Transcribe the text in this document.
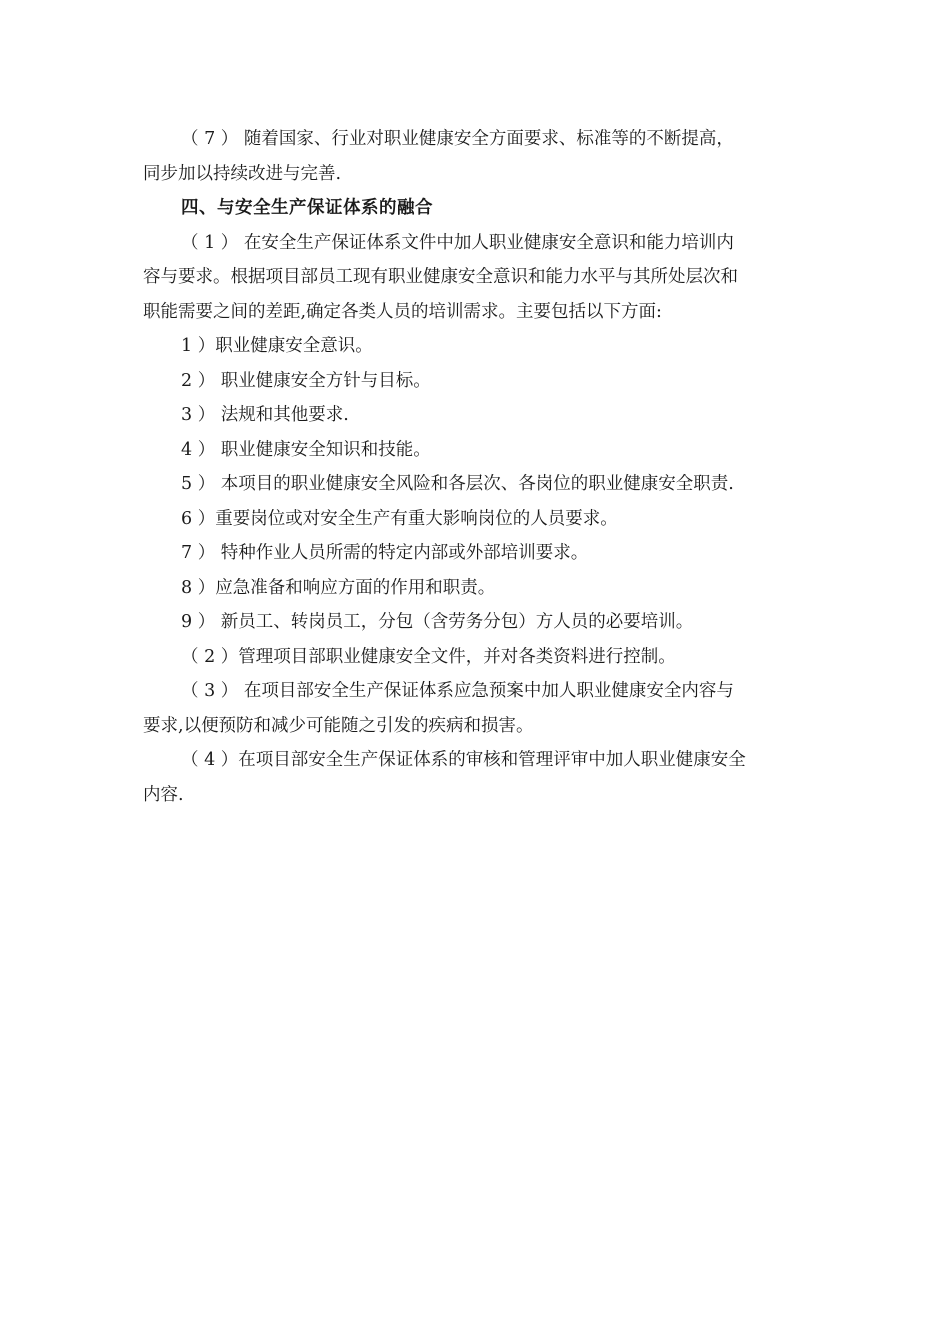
（ 7 ） 随着国家、行业对职业健康安全方面要求、标准等的不断提高，
同步加以持续改进与完善.

四、与安全生产保证体系的融合

（ 1 ） 在安全生产保证体系文件中加人职业健康安全意识和能力培训内
容与要求。根据项目部员工现有职业健康安全意识和能力水平与其所处层次和
职能需要之间的差距,确定各类人员的培训需求。主要包括以下方面:

1 ）职业健康安全意识。

2 ） 职业健康安全方针与目标。

3 ） 法规和其他要求.

4 ） 职业健康安全知识和技能。

5 ） 本项目的职业健康安全风险和各层次、各岗位的职业健康安全职责.

6 ）重要岗位或对安全生产有重大影响岗位的人员要求。

7 ） 特种作业人员所需的特定内部或外部培训要求。

8 ）应急准备和响应方面的作用和职责。

9 ） 新员工、转岗员工，分包（含劳务分包）方人员的必要培训。

（ 2 ）管理项目部职业健康安全文件，并对各类资料进行控制。

（ 3 ） 在项目部安全生产保证体系应急预案中加人职业健康安全内容与
要求,以便预防和减少可能随之引发的疾病和损害。

（ 4 ）在项目部安全生产保证体系的审核和管理评审中加人职业健康安全
内容.
